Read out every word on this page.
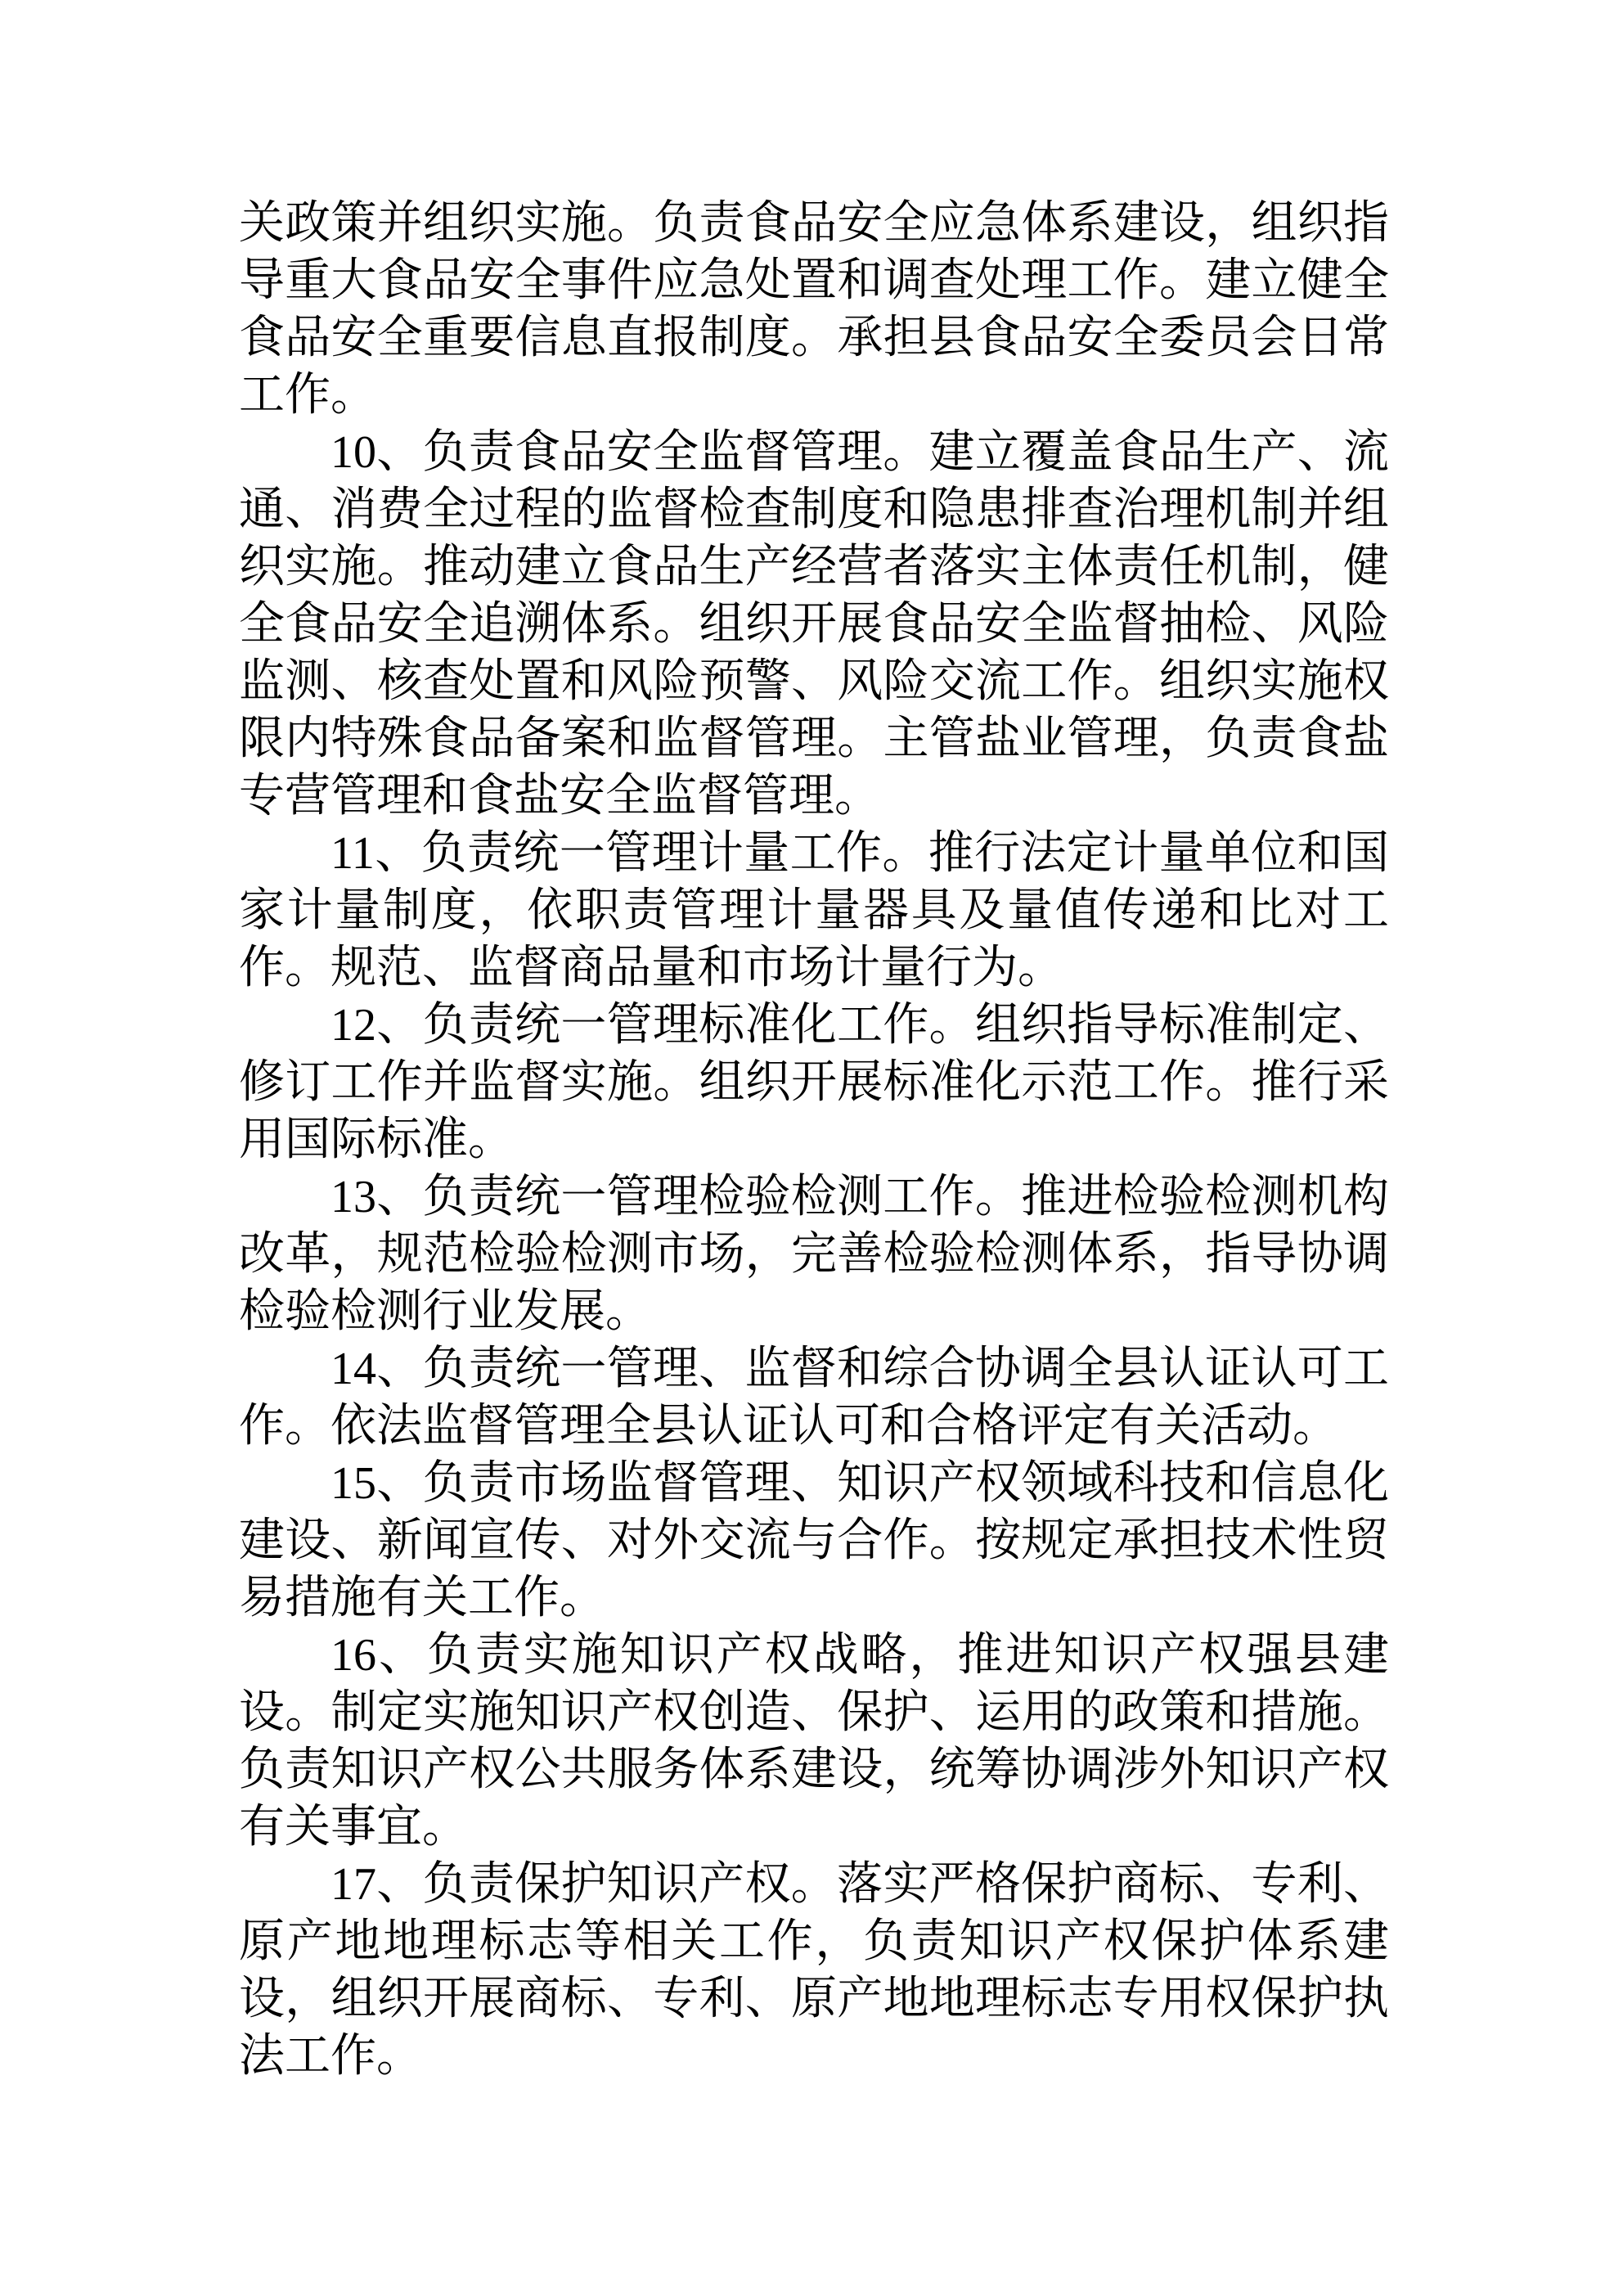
关政策并组织实施。负责食品安全应急体系建设，组织指导重大食品安全事件应急处置和调查处理工作。建立健全食品安全重要信息直报制度。承担县食品安全委员会日常工作。

10、负责食品安全监督管理。建立覆盖食品生产、流通、消费全过程的监督检查制度和隐患排查治理机制并组织实施。推动建立食品生产经营者落实主体责任机制，健全食品安全追溯体系。组织开展食品安全监督抽检、风险监测、核查处置和风险预警、风险交流工作。组织实施权限内特殊食品备案和监督管理。主管盐业管理，负责食盐专营管理和食盐安全监督管理。

11、负责统一管理计量工作。推行法定计量单位和国家计量制度，依职责管理计量器具及量值传递和比对工作。规范、监督商品量和市场计量行为。

12、负责统一管理标准化工作。组织指导标准制定、修订工作并监督实施。组织开展标准化示范工作。推行采用国际标准。

13、负责统一管理检验检测工作。推进检验检测机构改革，规范检验检测市场，完善检验检测体系，指导协调检验检测行业发展。

14、负责统一管理、监督和综合协调全县认证认可工作。依法监督管理全县认证认可和合格评定有关活动。

15、负责市场监督管理、知识产权领域科技和信息化建设、新闻宣传、对外交流与合作。按规定承担技术性贸易措施有关工作。

16、负责实施知识产权战略，推进知识产权强县建设。制定实施知识产权创造、保护、运用的政策和措施。负责知识产权公共服务体系建设，统筹协调涉外知识产权有关事宜。

17、负责保护知识产权。落实严格保护商标、专利、原产地地理标志等相关工作，负责知识产权保护体系建设，组织开展商标、专利、原产地地理标志专用权保护执法工作。
